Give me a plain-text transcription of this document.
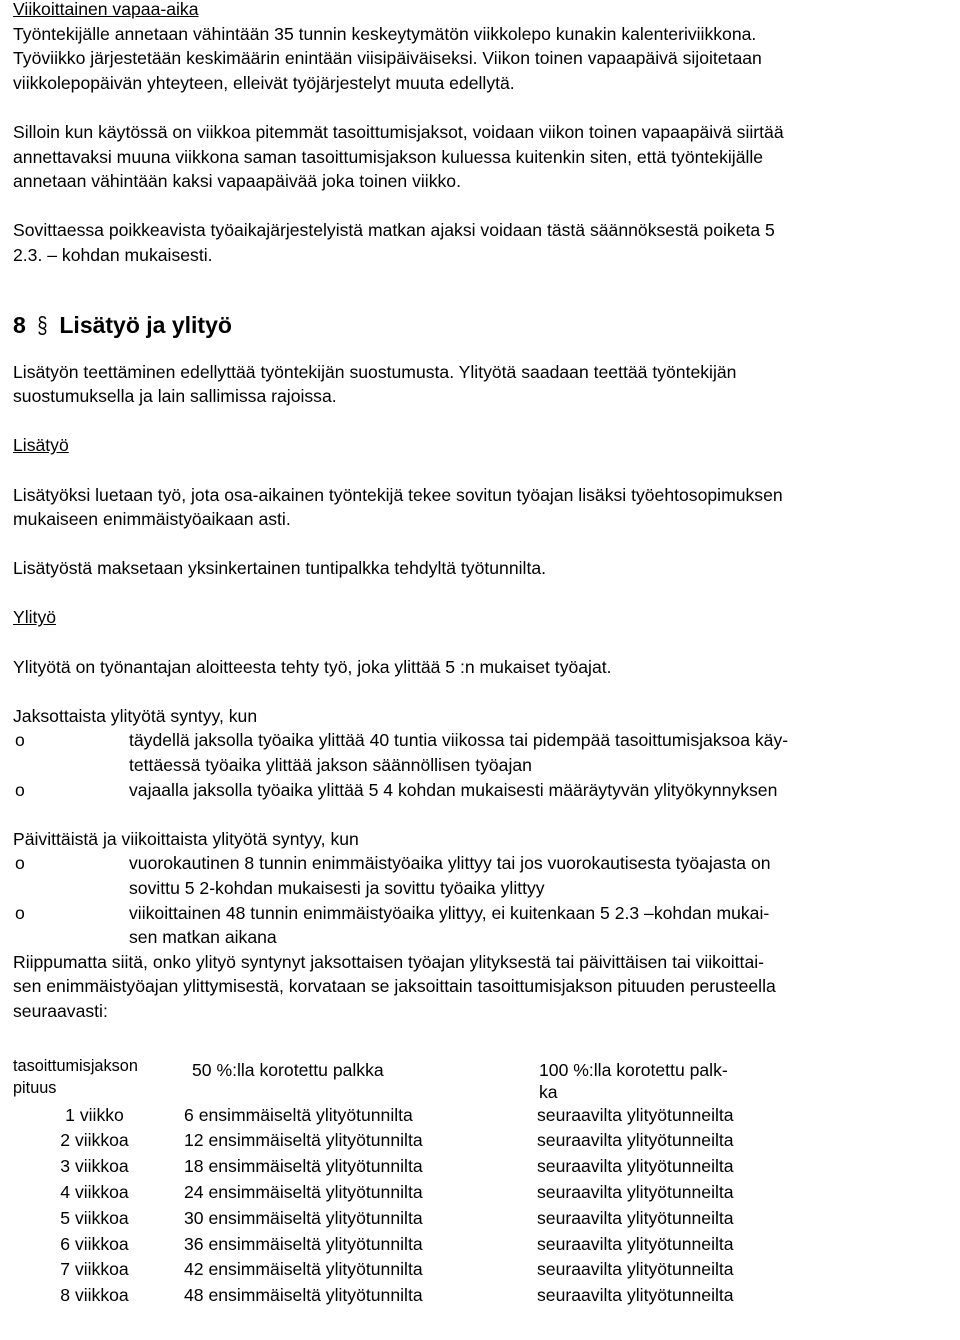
Viikoittainen vapaa-aika

Työntekijälle annetaan vähintään 35 tunnin keskeytymätön viikkolepo kunakin kalenteriviikkona.
Työviikko järjestetään keskimäärin enintään viisipäiväiseksi. Viikon toinen vapaapäivä sijoitetaan
viikkolepopäivän yhteyteen, elleivät työjärjestelyt muuta edellytä.

Silloin kun käytössä on viikkoa pitemmät tasoittumisjaksot, voidaan viikon toinen vapaapäivä siirtää
annettavaksi muuna viikkona saman tasoittumisjakson kuluessa kuitenkin siten, että työntekijälle
annetaan vähintään kaksi vapaapäivää joka toinen viikko.

Sovittaessa poikkeavista työaikajärjestelyistä matkan ajaksi voidaan tästä säännöksestä poiketa 5
2.3. – kohdan mukaisesti.

8 § Lisätyö ja ylityö

Lisätyön teettäminen edellyttää työntekijän suostumusta. Ylityötä saadaan teettää työntekijän
suostumuksella ja lain sallimissa rajoissa.

Lisätyö

Lisätyöksi luetaan työ, jota osa-aikainen työntekijä tekee sovitun työajan lisäksi työehtosopimuksen
mukaiseen enimmäistyöaikaan asti.

Lisätyöstä maksetaan yksinkertainen tuntipalkka tehdyltä työtunnilta.

Ylityö

Ylityötä on työnantajan aloitteesta tehty työ, joka ylittää 5 :n mukaiset työajat.

Jaksottaista ylityötä syntyy, kun

o	täydellä jaksolla työaika ylittää 40 tuntia viikossa tai pidempää tasoittumisjaksoa käy-
tettäessä työaika ylittää jakson säännöllisen työajan
o	vajaalla jaksolla työaika ylittää 5 4 kohdan mukaisesti määräytyvän ylityökynnyksen

Päivittäistä ja viikoittaista ylityötä syntyy, kun

o	vuorokautinen 8 tunnin enimmäistyöaika ylittyy tai jos vuorokautisesta työajasta on
sovittu 5 2-kohdan mukaisesti ja sovittu työaika ylittyy
o	viikoittainen 48 tunnin enimmäistyöaika ylittyy, ei kuitenkaan 5 2.3 –kohdan mukai-
sen matkan aikana

Riippumatta siitä, onko ylityö syntynyt jaksottaisen työajan ylityksestä tai päivittäisen tai viikoittai-
sen enimmäistyöajan ylittymisestä, korvataan se jaksoittain tasoittumisjakson pituuden perusteella
seuraavasti:

tasoittumisjakson
pituus	50 %:lla korotettu palkka	100 %:lla korotettu palk-
ka

1 viikko	6 ensimmäiseltä ylityötunnilta	seuraavilta ylityötunneilta
2 viikkoa	12 ensimmäiseltä ylityötunnilta	seuraavilta ylityötunneilta
3 viikkoa	18 ensimmäiseltä ylityötunnilta	seuraavilta ylityötunneilta
4 viikkoa	24 ensimmäiseltä ylityötunnilta	seuraavilta ylityötunneilta
5 viikkoa	30 ensimmäiseltä ylityötunnilta	seuraavilta ylityötunneilta
6 viikkoa	36 ensimmäiseltä ylityötunnilta	seuraavilta ylityötunneilta
7 viikkoa	42 ensimmäiseltä ylityötunnilta	seuraavilta ylityötunneilta
8 viikkoa	48 ensimmäiseltä ylityötunnilta	seuraavilta ylityötunneilta
